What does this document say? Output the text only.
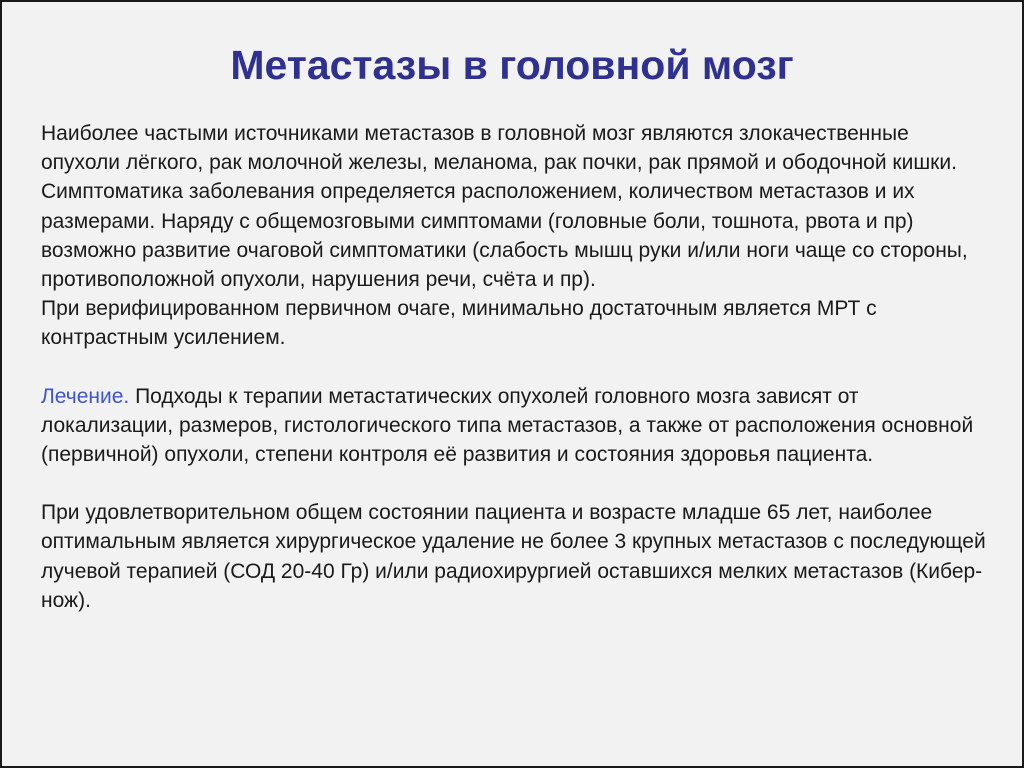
Метастазы в головной мозг

Наиболее частыми источниками метастазов в головной мозг являются злокачественные опухоли лёгкого, рак молочной железы, меланома, рак почки, рак прямой и ободочной кишки.

Симптоматика заболевания определяется расположением, количеством метастазов и их размерами. Наряду с общемозговыми симптомами (головные боли, тошнота, рвота и пр) возможно развитие очаговой симптоматики (слабость мышц руки и/или ноги чаще со стороны, противоположной опухоли, нарушения речи, счёта и пр).

При верифицированном первичном очаге, минимально достаточным является МРТ с контрастным усилением.

Лечение. Подходы к терапии метастатических опухолей головного мозга зависят от локализации, размеров, гистологического типа метастазов, а также от расположения основной (первичной) опухоли, степени контроля её развития и состояния здоровья пациента.

При удовлетворительном общем состоянии пациента и возрасте младше 65 лет, наиболее оптимальным является хирургическое удаление не более 3 крупных метастазов с последующей лучевой терапией (СОД 20-40 Гр) и/или радиохирургией оставшихся мелких метастазов (Кибер-нож).
